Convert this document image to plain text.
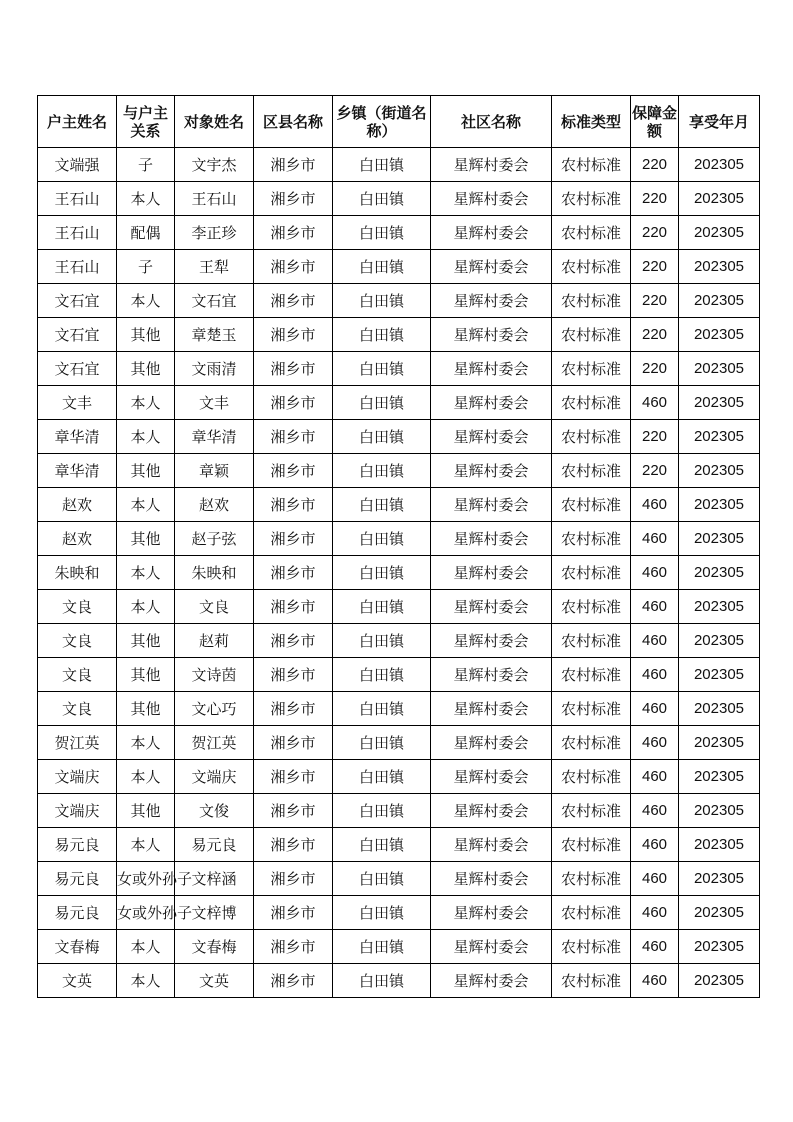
户主姓名	与户主关系	对象姓名	区县名称	乡镇（街道名称）	社区名称	标准类型	保障金额	享受年月
文端强	子	文宇杰	湘乡市	白田镇	星辉村委会	农村标准	220	202305
王石山	本人	王石山	湘乡市	白田镇	星辉村委会	农村标准	220	202305
王石山	配偶	李正珍	湘乡市	白田镇	星辉村委会	农村标准	220	202305
王石山	子	王犁	湘乡市	白田镇	星辉村委会	农村标准	220	202305
文石宜	本人	文石宜	湘乡市	白田镇	星辉村委会	农村标准	220	202305
文石宜	其他	章楚玉	湘乡市	白田镇	星辉村委会	农村标准	220	202305
文石宜	其他	文雨清	湘乡市	白田镇	星辉村委会	农村标准	220	202305
文丰	本人	文丰	湘乡市	白田镇	星辉村委会	农村标准	460	202305
章华清	本人	章华清	湘乡市	白田镇	星辉村委会	农村标准	220	202305
章华清	其他	章颖	湘乡市	白田镇	星辉村委会	农村标准	220	202305
赵欢	本人	赵欢	湘乡市	白田镇	星辉村委会	农村标准	460	202305
赵欢	其他	赵子弦	湘乡市	白田镇	星辉村委会	农村标准	460	202305
朱映和	本人	朱映和	湘乡市	白田镇	星辉村委会	农村标准	460	202305
文良	本人	文良	湘乡市	白田镇	星辉村委会	农村标准	460	202305
文良	其他	赵莉	湘乡市	白田镇	星辉村委会	农村标准	460	202305
文良	其他	文诗茵	湘乡市	白田镇	星辉村委会	农村标准	460	202305
文良	其他	文心巧	湘乡市	白田镇	星辉村委会	农村标准	460	202305
贺江英	本人	贺江英	湘乡市	白田镇	星辉村委会	农村标准	460	202305
文端庆	本人	文端庆	湘乡市	白田镇	星辉村委会	农村标准	460	202305
文端庆	其他	文俊	湘乡市	白田镇	星辉村委会	农村标准	460	202305
易元良	本人	易元良	湘乡市	白田镇	星辉村委会	农村标准	460	202305
易元良	女或外孙子	文梓涵	湘乡市	白田镇	星辉村委会	农村标准	460	202305
易元良	女或外孙子	文梓博	湘乡市	白田镇	星辉村委会	农村标准	460	202305
文春梅	本人	文春梅	湘乡市	白田镇	星辉村委会	农村标准	460	202305
文英	本人	文英	湘乡市	白田镇	星辉村委会	农村标准	460	202305
